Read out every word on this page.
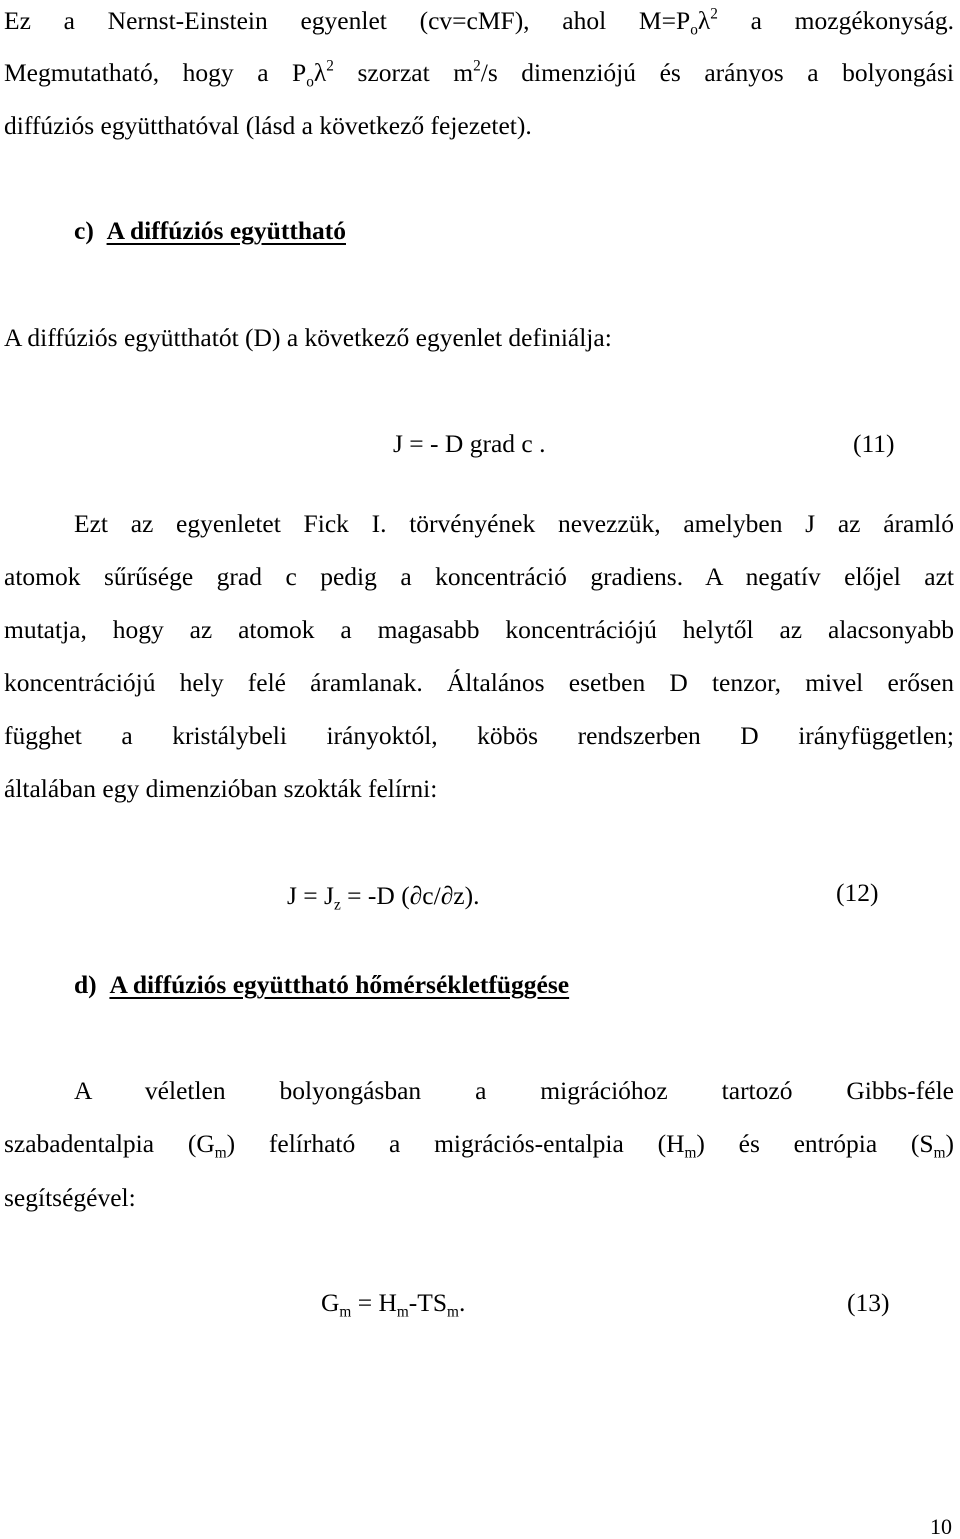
Ez a Nernst-Einstein egyenlet (cv=cMF), ahol $M=P_o\lambda^2$ a mozgékonyság.
Megmutatható, hogy a $P_o\lambda^2$ szorzat $m^2/s$ dimenziójú és arányos a bolyongási
diffúziós együtthatóval (lásd a következő fejezetet).
c) A diffúziós együttható
A diffúziós együtthatót (D) a következő egyenlet definiálja:
J = - D grad c .	(11)
Ezt az egyenletet Fick I. törvényének nevezzük, amelyben J az áramló
atomok sűrűsége grad c pedig a koncentráció gradiens. A negatív előjel azt
mutatja, hogy az atomok a magasabb koncentrációjú helytől az alacsonyabb
koncentrációjú hely felé áramlanak. Általános esetben D tenzor, mivel erősen
függhet a kristálybeli irányoktól, köbös rendszerben D irányfüggetlen;
általában egy dimenzióban szokták felírni:
$J = J_z = -D$ (∂c/∂z).	(12)
d) A diffúziós együttható hőmérsékletfüggése
A véletlen bolyongásban a migrációhoz tartozó Gibbs-féle
szabadentalpia $(G_m)$ felírható a migrációs-entalpia $(H_m)$ és entrópia $(S_m)$
segítségével:
$G_m = H_m-TS_m$.	(13)
10
